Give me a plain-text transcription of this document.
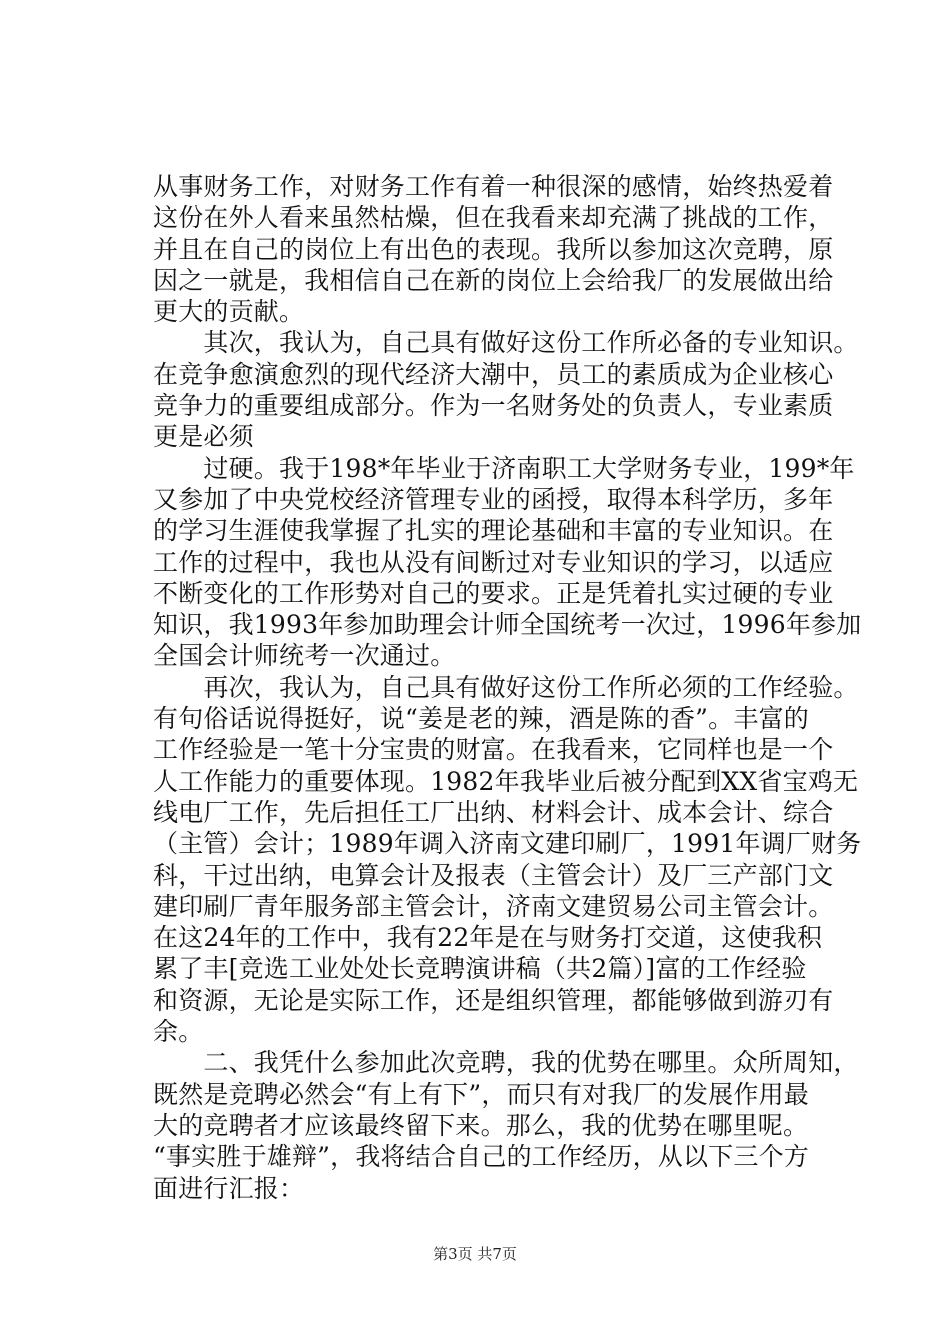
从事财务工作，对财务工作有着一种很深的感情，始终热爱着
这份在外人看来虽然枯燥，但在我看来却充满了挑战的工作，
并且在自己的岗位上有出色的表现。我所以参加这次竞聘，原
因之一就是，我相信自己在新的岗位上会给我厂的发展做出给
更大的贡献。
　　其次，我认为，自己具有做好这份工作所必备的专业知识。
在竞争愈演愈烈的现代经济大潮中，员工的素质成为企业核心
竞争力的重要组成部分。作为一名财务处的负责人，专业素质
更是必须
　　过硬。我于198*年毕业于济南职工大学财务专业，199*年
又参加了中央党校经济管理专业的函授，取得本科学历，多年
的学习生涯使我掌握了扎实的理论基础和丰富的专业知识。在
工作的过程中，我也从没有间断过对专业知识的学习，以适应
不断变化的工作形势对自己的要求。正是凭着扎实过硬的专业
知识，我1993年参加助理会计师全国统考一次过，1996年参加
全国会计师统考一次通过。
　　再次，我认为，自己具有做好这份工作所必须的工作经验。
有句俗话说得挺好，说“姜是老的辣，酒是陈的香”。丰富的
工作经验是一笔十分宝贵的财富。在我看来，它同样也是一个
人工作能力的重要体现。1982年我毕业后被分配到XX省宝鸡无
线电厂工作，先后担任工厂出纳、材料会计、成本会计、综合
（主管）会计；1989年调入济南文建印刷厂，1991年调厂财务
科，干过出纳，电算会计及报表（主管会计）及厂三产部门文
建印刷厂青年服务部主管会计，济南文建贸易公司主管会计。
在这24年的工作中，我有22年是在与财务打交道，这使我积
累了丰[竞选工业处处长竞聘演讲稿（共2篇）]富的工作经验
和资源，无论是实际工作，还是组织管理，都能够做到游刃有
余。
　　二、我凭什么参加此次竞聘，我的优势在哪里。众所周知，
既然是竞聘必然会“有上有下”，而只有对我厂的发展作用最
大的竞聘者才应该最终留下来。那么，我的优势在哪里呢。
“事实胜于雄辩”，我将结合自己的工作经历，从以下三个方
面进行汇报：
第3页 共7页
